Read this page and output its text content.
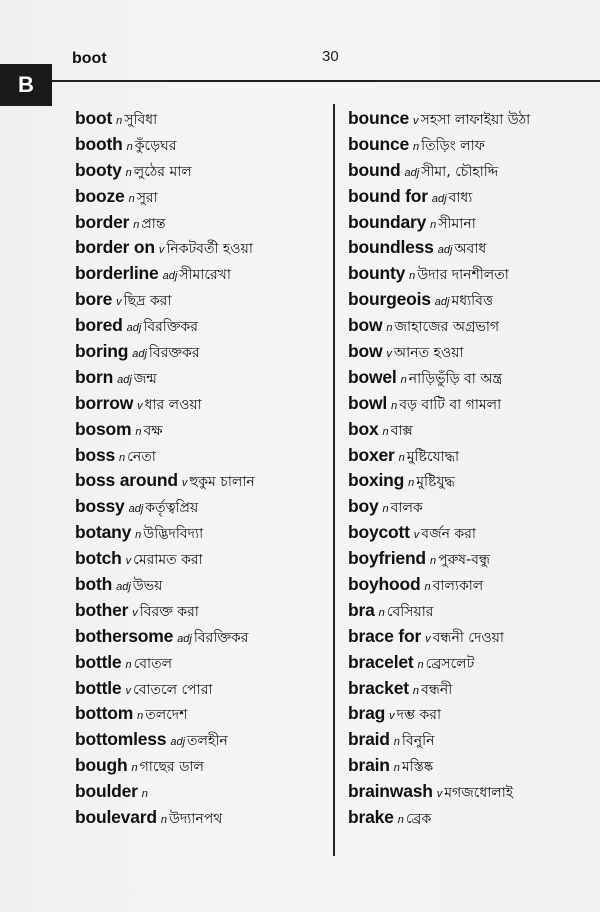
boot	30
B
boot n সুবিধা
booth n কুঁড়েঘর
booty n লুঠের মাল
booze n সুরা
border n প্রান্ত
border on v নিকটবর্তী হওয়া
borderline adj সীমারেখা
bore v ছিদ্র করা
bored adj বিরক্তিকর
boring adj বিরক্তকর
born adj জন্ম
borrow v ধার লওয়া
bosom n বক্ষ
boss n নেতা
boss around v হুকুম চালান
bossy adj কর্তৃত্বপ্রিয়
botany n উদ্ভিদবিদ্যা
botch v মেরামত করা
both adj উভয়
bother v বিরক্ত করা
bothersome adj বিরক্তিকর
bottle n বোতল
bottle v বোতলে পোরা
bottom n তলদেশ
bottomless adj তলহীন
bough n গাছের ডাল
boulder n
boulevard n উদ্যানপথ
bounce v সহসা লাফাইয়া উঠা
bounce n তিড়িং লাফ
bound adj সীমা, চৌহাদ্দি
bound for adj বাধ্য
boundary n সীমানা
boundless adj অবাধ
bounty n উদার দানশীলতা
bourgeois adj মধ্যবিত্ত
bow n জাহাজের অগ্রভাগ
bow v আনত হওয়া
bowel n নাড়িভুঁড়ি বা অন্ত্র
bowl n বড় বাটি বা গামলা
box n বাক্স
boxer n মুষ্টিযোদ্ধা
boxing n মুষ্টিযুদ্ধ
boy n বালক
boycott v বর্জন করা
boyfriend n পুরুষ-বন্ধু
boyhood n বাল্যকাল
bra n বেসিয়ার
brace for v বন্ধনী দেওয়া
bracelet n ব্রেসলেট
bracket n বন্ধনী
brag v দম্ভ করা
braid n বিনুনি
brain n মস্তিষ্ক
brainwash v মগজধোলাই
brake n ব্রেক
